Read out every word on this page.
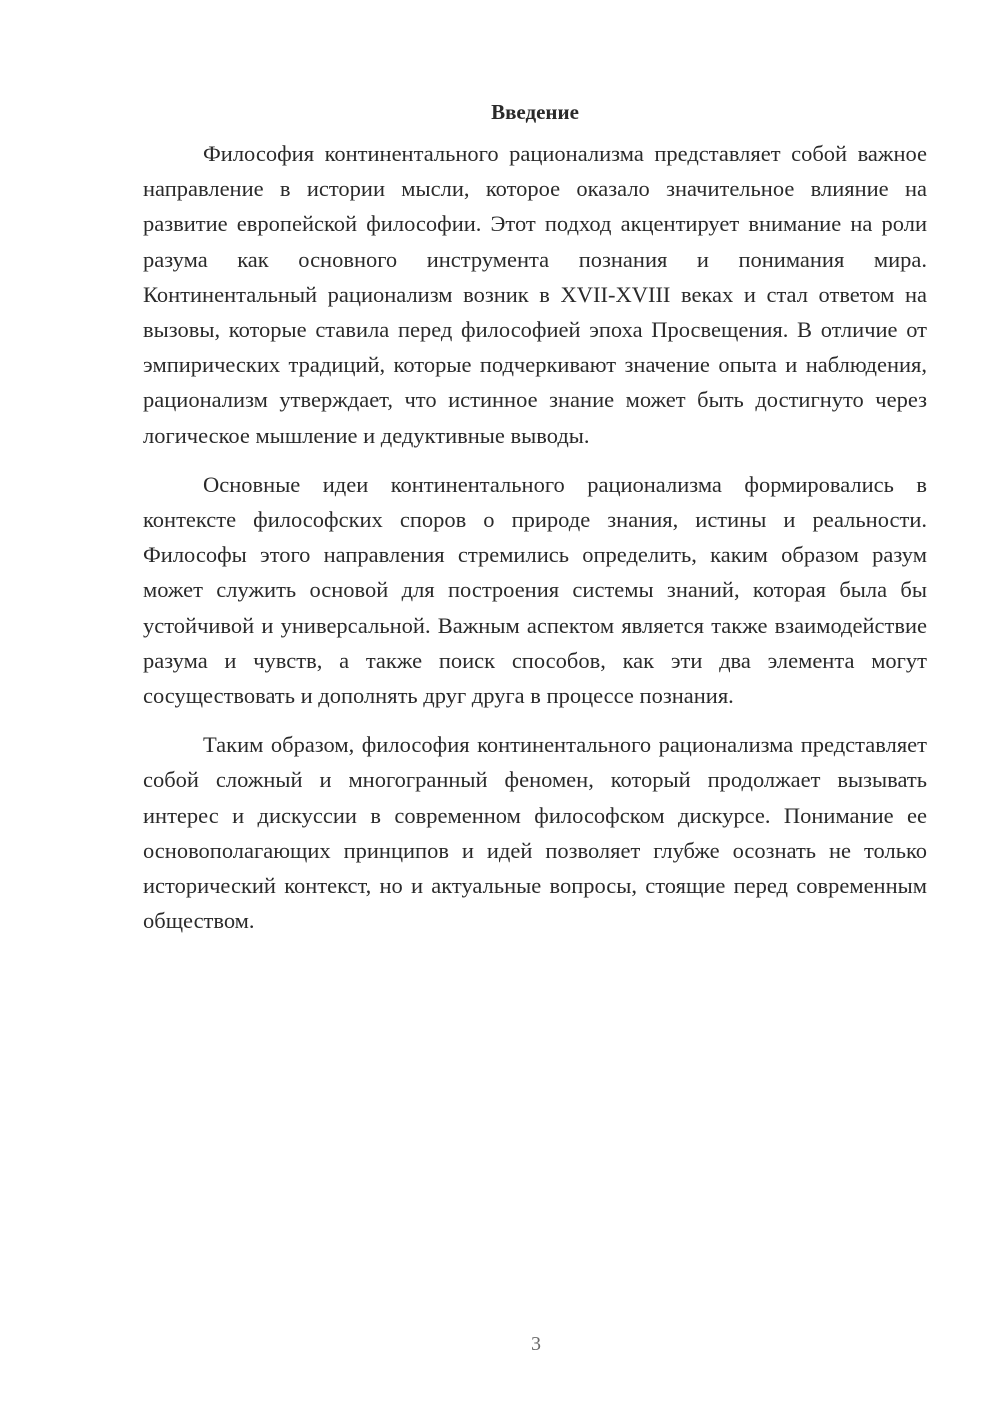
Введение

Философия континентального рационализма представляет собой важное направление в истории мысли, которое оказало значительное влияние на развитие европейской философии. Этот подход акцентирует внимание на роли разума как основного инструмента познания и понимания мира. Континентальный рационализм возник в XVII-XVIII веках и стал ответом на вызовы, которые ставила перед философией эпоха Просвещения. В отличие от эмпирических традиций, которые подчеркивают значение опыта и наблюдения, рационализм утверждает, что истинное знание может быть достигнуто через логическое мышление и дедуктивные выводы.

Основные идеи континентального рационализма формировались в контексте философских споров о природе знания, истины и реальности. Философы этого направления стремились определить, каким образом разум может служить основой для построения системы знаний, которая была бы устойчивой и универсальной. Важным аспектом является также взаимодействие разума и чувств, а также поиск способов, как эти два элемента могут сосуществовать и дополнять друг друга в процессе познания.

Таким образом, философия континентального рационализма представляет собой сложный и многогранный феномен, который продолжает вызывать интерес и дискуссии в современном философском дискурсе. Понимание ее основополагающих принципов и идей позволяет глубже осознать не только исторический контекст, но и актуальные вопросы, стоящие перед современным обществом.

3
